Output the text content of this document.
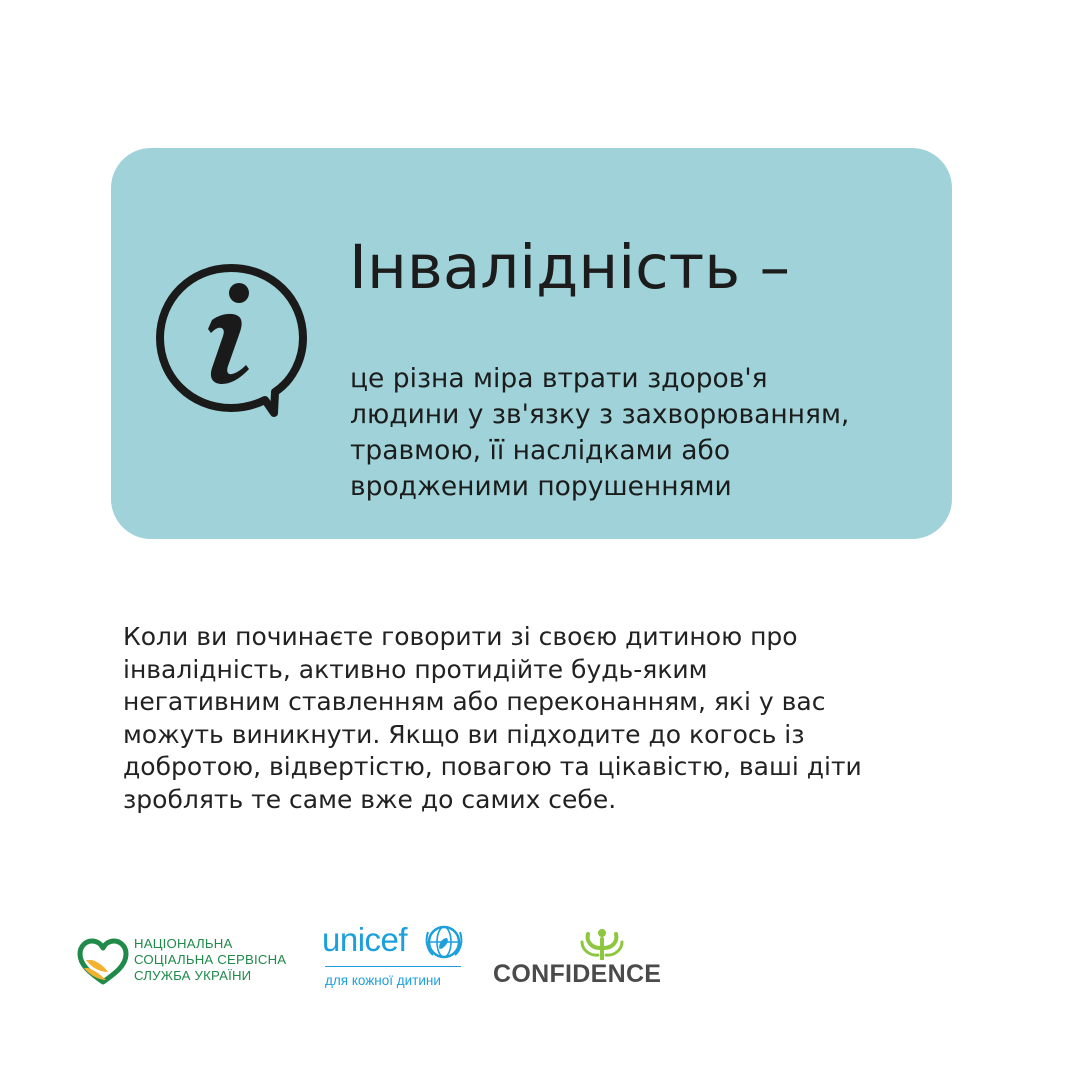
Інвалідність –

це різна міра втрати здоров'я
людини у зв'язку з захворюванням,
травмою, її наслідками або
вродженими порушеннями

Коли ви починаєте говорити зі своєю дитиною про
інвалідність, активно протидійте будь-яким
негативним ставленням або переконанням, які у вас
можуть виникнути. Якщо ви підходите до когось із
добротою, відвертістю, повагою та цікавістю, ваші діти
зроблять те саме вже до самих себе.

НАЦІОНАЛЬНА
СОЦІАЛЬНА СЕРВІСНА
СЛУЖБА УКРАЇНИ
unicef
для кожної дитини CONFIDENCE
